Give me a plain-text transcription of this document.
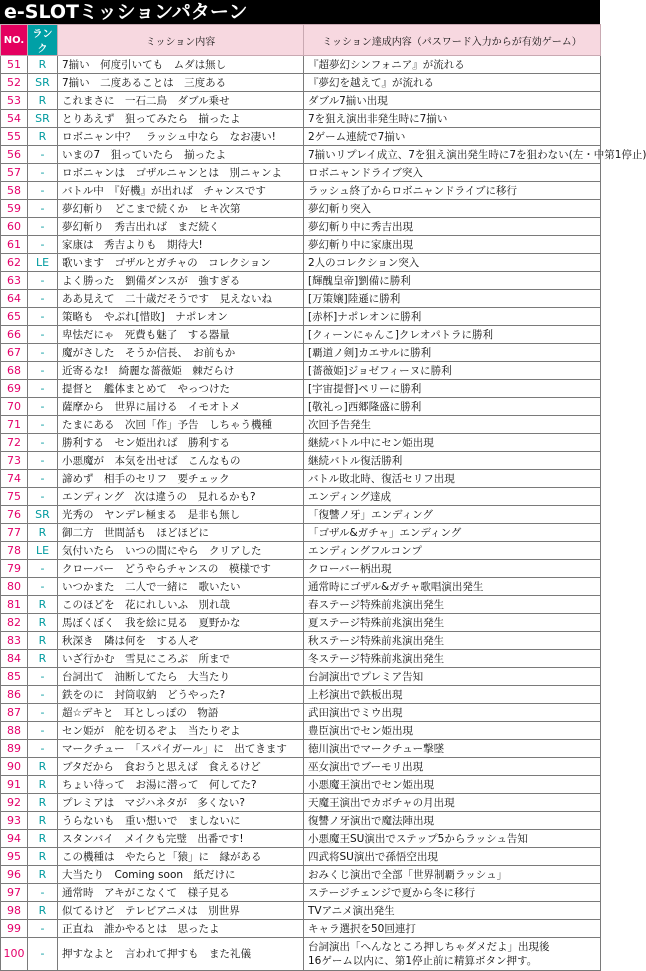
e-SLOTミッションパターン
NO.	ランク	ミッション内容	ミッション達成内容（パスワード入力からが有効ゲーム）
51	R	7揃い　何度引いても　ムダは無し	『超夢幻シンフォニア』が流れる
52	SR	7揃い　二度あることは　三度ある	『夢幻を越えて』が流れる
53	R	これまさに　一石二鳥　ダブル乗せ	ダブル7揃い出現
54	SR	とりあえず　狙ってみたら　揃ったよ	7を狙え演出非発生時に7揃い
55	R	ロボニャン中？　ラッシュ中なら　なお凄い!	2ゲーム連続で7揃い
56	-	いまの7　狙っていたら　揃ったよ	7揃いリプレイ成立、7を狙え演出発生時に7を狙わない(左・中第1停止)
57	-	ロボニャンは　ゴザルニャンとは　別ニャンよ	ロボニャンドライブ突入
58	-	バトル中　『好機』が出れば　チャンスです	ラッシュ終了からロボニャンドライブに移行
59	-	夢幻斬り　どこまで続くか　ヒキ次第	夢幻斬り突入
60	-	夢幻斬り　秀吉出れば　まだ続く	夢幻斬り中に秀吉出現
61	-	家康は　秀吉よりも　期待大!	夢幻斬り中に家康出現
62	LE	歌います　ゴザルとガチャの　コレクション	2人のコレクション突入
63	-	よく勝った　劉備ダンスが　強すぎる	[輝醜皇帝]劉備に勝利
64	-	ああ見えて　二十歳だそうです　見えないね	[万策嬢]陸遜に勝利
65	-	策略も　やぶれ[惜敗]　ナポレオン	[赤杯]ナポレオンに勝利
66	-	卑怯だにゃ　死費も魅了　する器量	[クィーンにゃんこ]クレオパトラに勝利
67	-	魔がさした　そうか信長、　お前もか	[覇道ノ剣]カエサルに勝利
68	-	近寄るな!　綺麗な薔薇姫　棘だらけ	[薔薇姫]ジョゼフィーヌに勝利
69	-	提督と　艦体まとめて　やっつけた	[宇宙提督]ペリーに勝利
70	-	薩摩から　世界に届ける　イモオトメ	[敬礼っ]西郷隆盛に勝利
71	-	たまにある　次回「作」予告　しちゃう機種	次回予告発生
72	-	勝利する　セン姫出れば　勝利する	継続バトル中にセン姫出現
73	-	小悪魔が　本気を出せば　こんなもの	継続バトル復活勝利
74	-	諦めず　相手のセリフ　要チェック	バトル敗北時、復活セリフ出現
75	-	エンディング　次は違うの　見れるかも?	エンディング達成
76	SR	光秀の　ヤンデレ極まる　是非も無し	「復讐ノ牙」エンディング
77	R	御二方　世間話も　ほどほどに	「ゴザル&ガチャ」エンディング
78	LE	気付いたら　いつの間にやら　クリアした	エンディングフルコンプ
79	-	クローバー　どうやらチャンスの　模様です	クローバー柄出現
80	-	いつかまた　二人で一緒に　歌いたい	通常時にゴザル&ガチャ歌唱演出発生
81	R	このほどを　花にれしいふ　別れ哉	春ステージ特殊前兆演出発生
82	R	馬ぼくぼく　我を絵に見る　夏野かな	夏ステージ特殊前兆演出発生
83	R	秋深き　隣は何を　する人ぞ	秋ステージ特殊前兆演出発生
84	R	いざ行かむ　雪見にころぶ　所まで	冬ステージ特殊前兆演出発生
85	-	台詞出て　油断してたら　大当たり	台詞演出でプレミア告知
86	-	鉄をのに　封筒収納　どうやった?	上杉演出で鉄板出現
87	-	超☆デキと　耳としっぽの　物語	武田演出でミウ出現
88	-	セン姫が　舵を切るぞよ　当たりぞよ	豊臣演出でセン姫出現
89	-	マークチュー　「スパイガール」に　出てきます	徳川演出でマークチュー撃墜
90	R	ブタだから　食おうと思えば　食えるけど	巫女演出でブーモリ出現
91	R	ちょい待って　お湯に潜って　何してた?	小悪魔王演出でセン姫出現
92	R	プレミアは　マジハネタが　多くない?	天魔王演出でカボチャの月出現
93	R	うらないも　重い想いで　ましないに	復讐ノ牙演出で魔法陣出現
94	R	スタンバイ　メイクも完璧　出番です!	小悪魔王SU演出でステップ5からラッシュ告知
95	R	この機種は　やたらと「猿」に　縁がある	四武将SU演出で孫悟空出現
96	R	大当たり　Coming soon　紙だけに	おみくじ演出で全部「世界制覇ラッシュ」
97	-	通常時　アキがこなくて　様子見る	ステージチェンジで夏から冬に移行
98	R	似てるけど　テレビアニメは　別世界	TVアニメ演出発生
99	-	正直ね　誰かやるとは　思ったよ	キャラ選択を50回連打
100	-	押すなよと　言われて押すも　また礼儀	台詞演出「へんなところ押しちゃダメだよ」出現後
16ゲーム以内に、第1停止前に精算ボタン押す。
